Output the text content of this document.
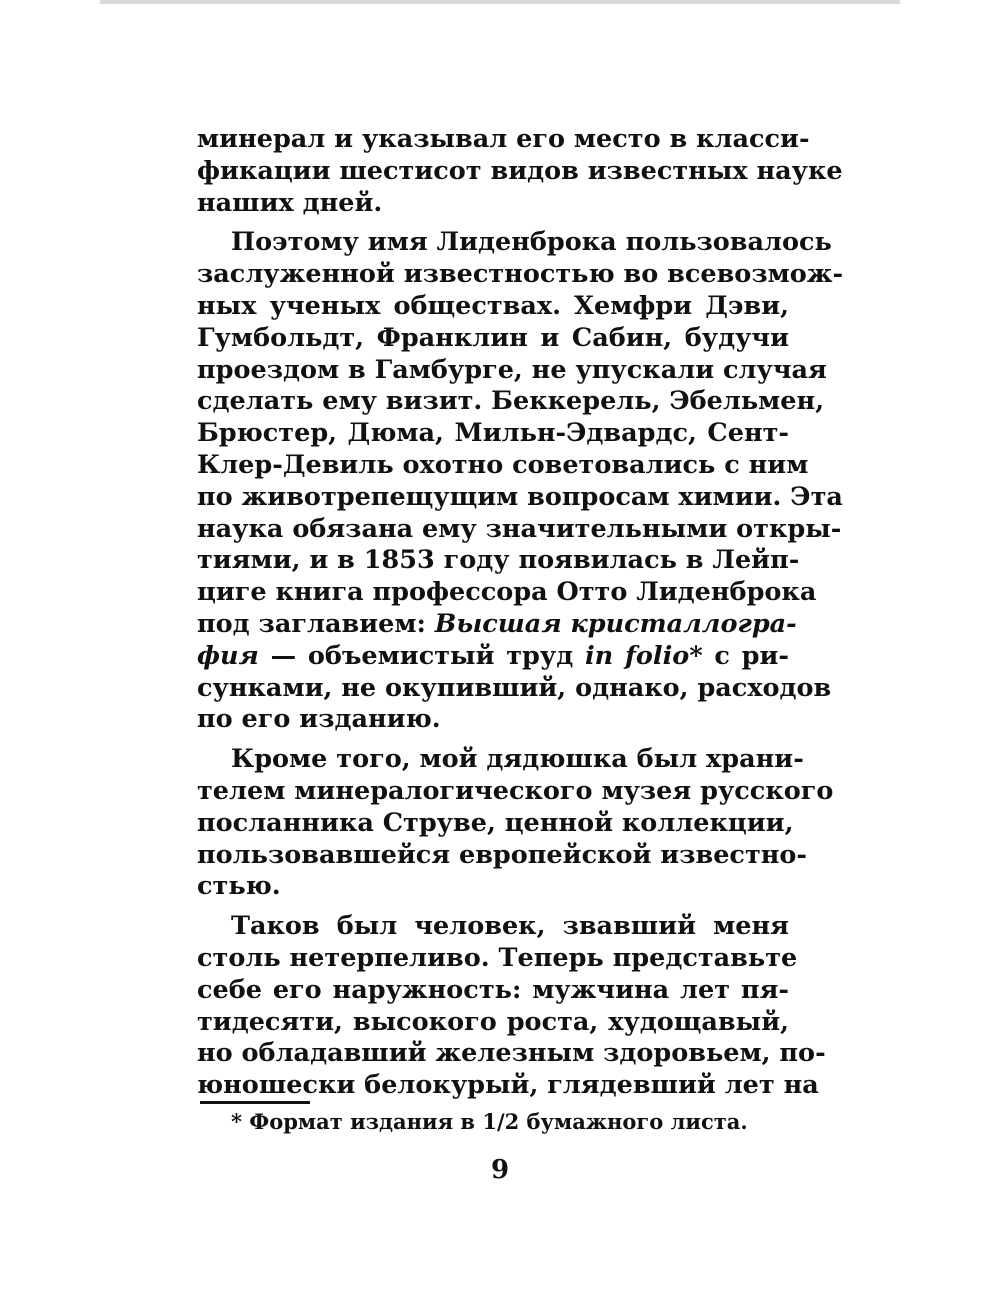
минерал и указывал его место в класси-
фикации шестисот видов известных науке
наших дней.
Поэтому имя Лиденброка пользовалось
заслуженной известностью во всевозмож-
ных ученых обществах. Хемфри Дэви,
Гумбольдт, Франклин и Сабин, будучи
проездом в Гамбурге, не упускали случая
сделать ему визит. Беккерель, Эбельмен,
Брюстер, Дюма, Мильн-Эдвардс, Сент-
Клер-Девиль охотно советовались с ним
по животрепещущим вопросам химии. Эта
наука обязана ему значительными откры-
тиями, и в 1853 году появилась в Лейп-
циге книга профессора Отто Лиденброка
под заглавием: Высшая кристаллогра-
фия — объемистый труд in folio* с ри-
сунками, не окупивший, однако, расходов
по его изданию.
Кроме того, мой дядюшка был храни-
телем минералогического музея русского
посланника Струве, ценной коллекции,
пользовавшейся европейской известно-
стью.
Таков был человек, звавший меня
столь нетерпеливо. Теперь представьте
себе его наружность: мужчина лет пя-
тидесяти, высокого роста, худощавый,
но обладавший железным здоровьем, по-
юношески белокурый, глядевший лет на
* Формат издания в 1/2 бумажного листа.
9
